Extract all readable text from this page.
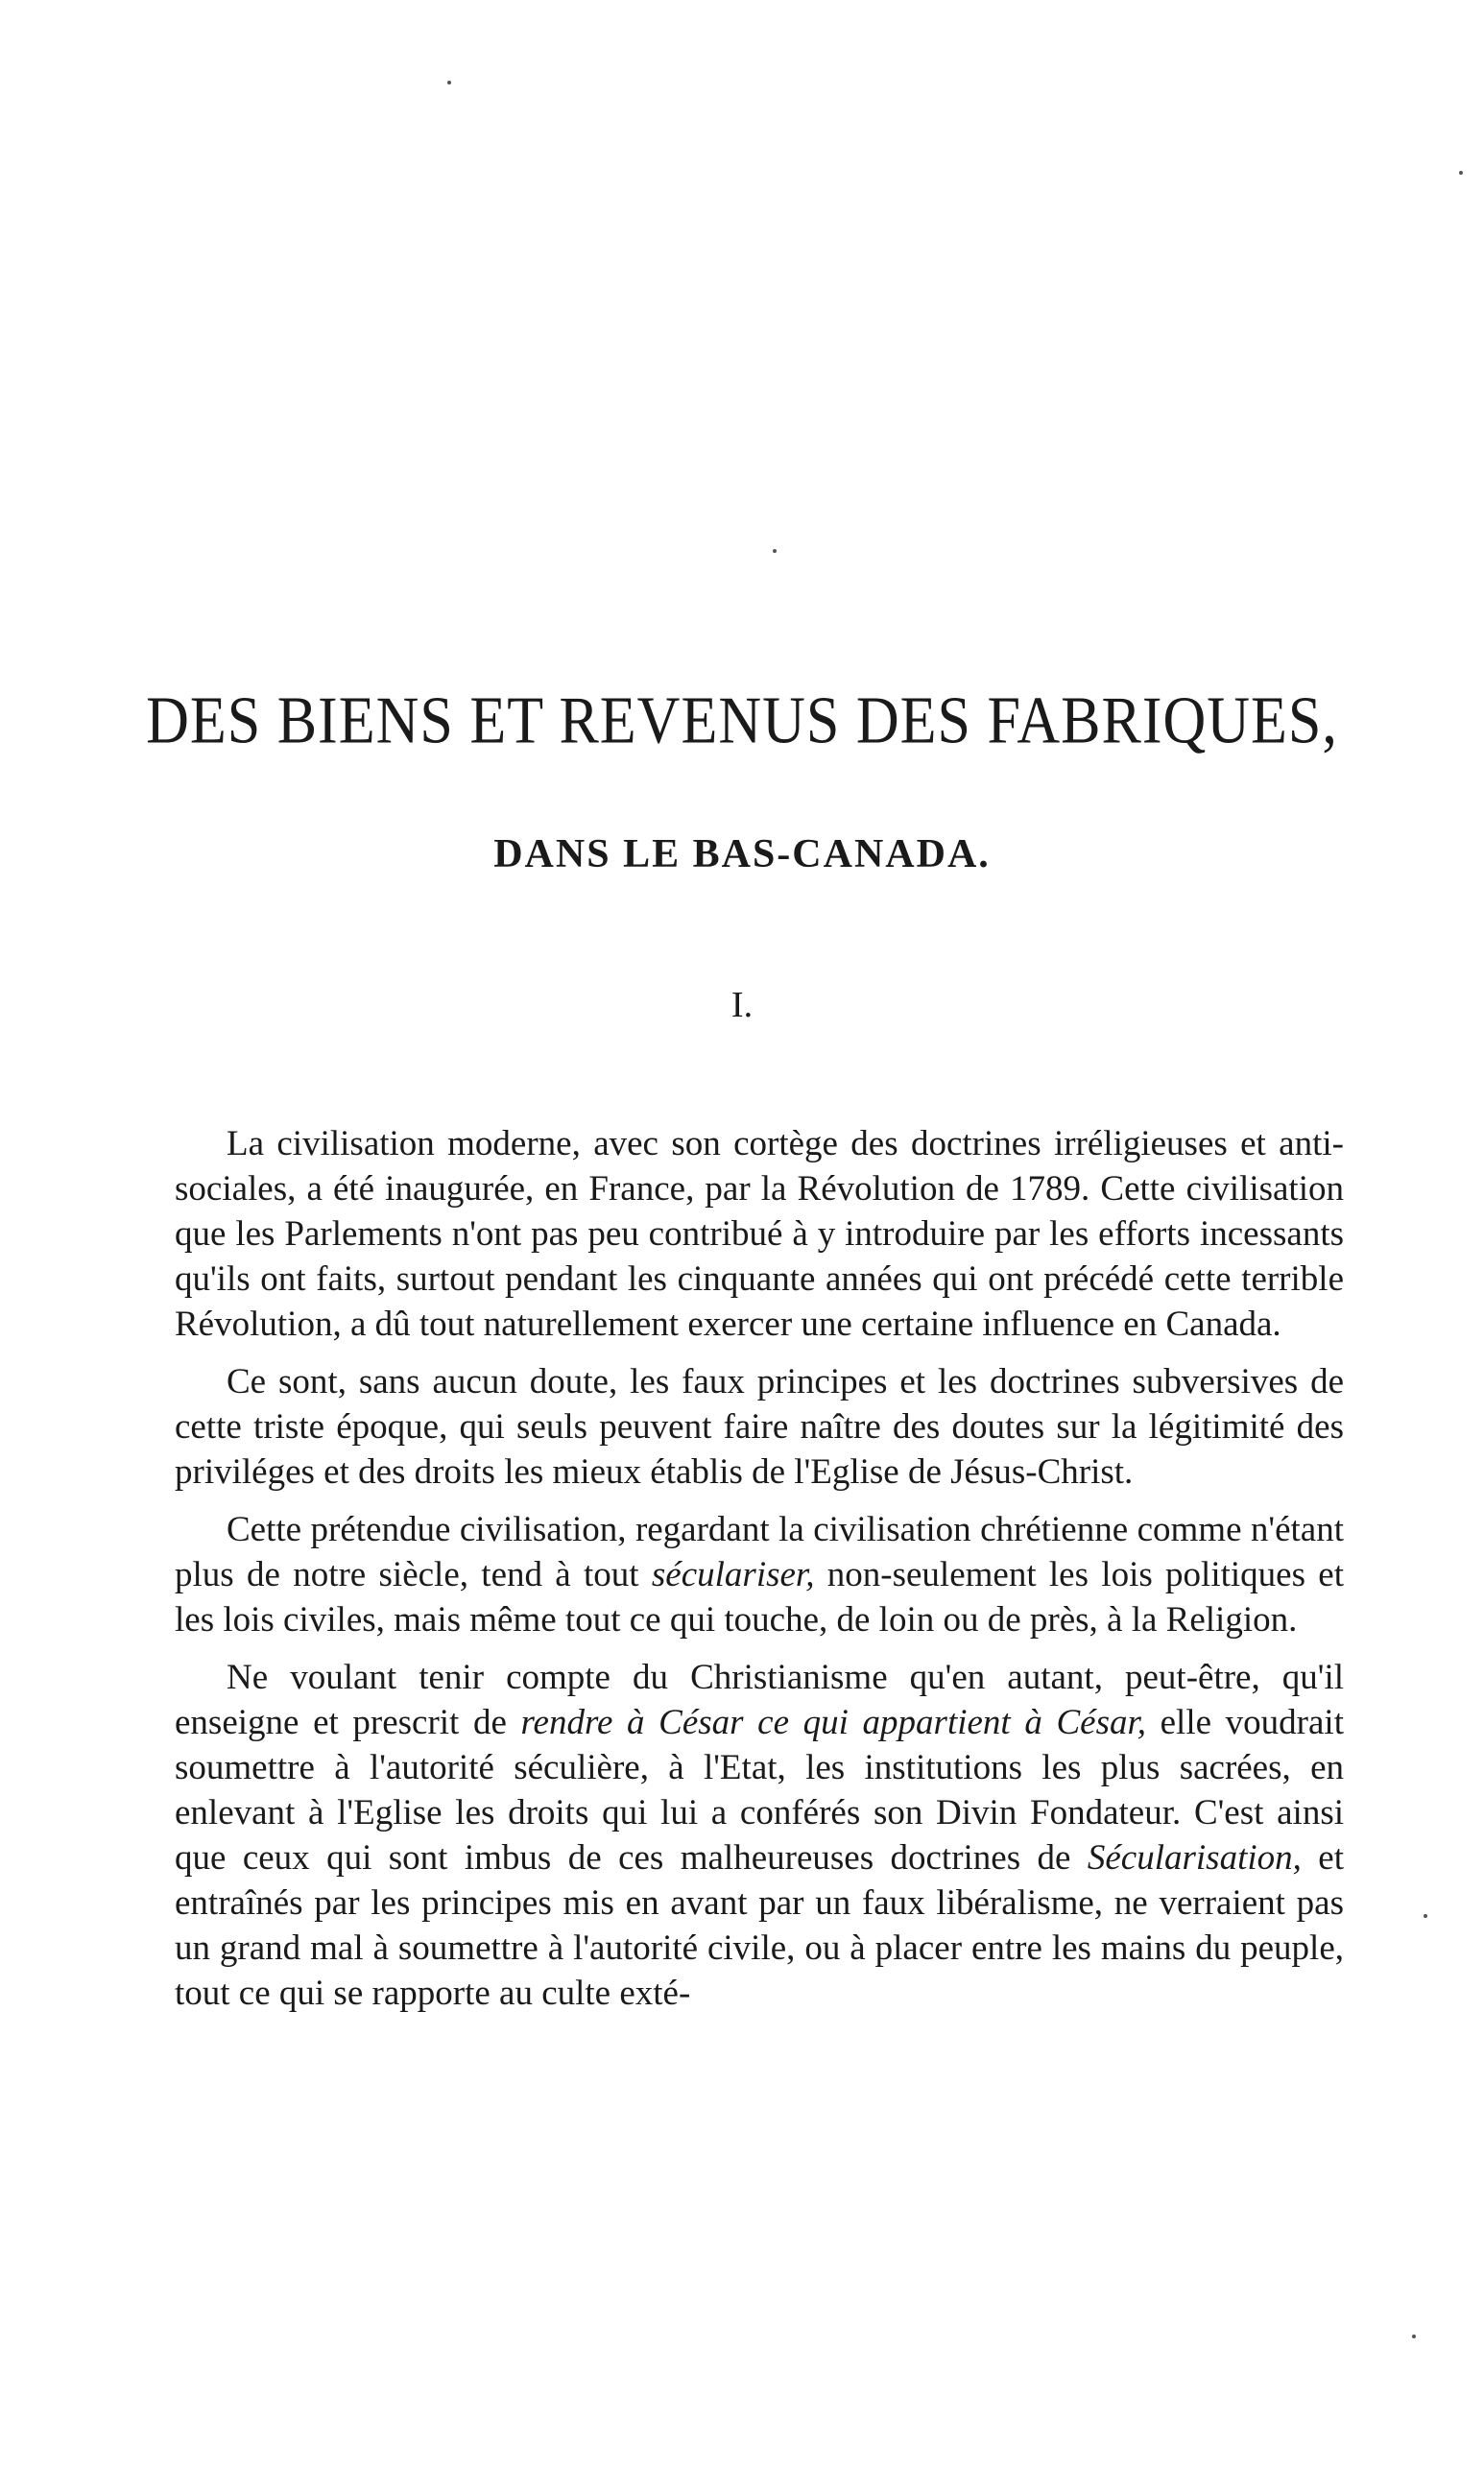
DES BIENS ET REVENUS DES FABRIQUES,
DANS LE BAS-CANADA.
I.

La civilisation moderne, avec son cortège des doctrines irréligieuses et anti-sociales, a été inaugurée, en France, par la Révolution de 1789. Cette civilisation que les Parlements n'ont pas peu contribué à y introduire par les efforts incessants qu'ils ont faits, surtout pendant les cinquante années qui ont précédé cette terrible Révolution, a dû tout naturellement exercer une certaine influence en Canada.

Ce sont, sans aucun doute, les faux principes et les doctrines subversives de cette triste époque, qui seuls peuvent faire naître des doutes sur la légitimité des priviléges et des droits les mieux établis de l'Eglise de Jésus-Christ.

Cette prétendue civilisation, regardant la civilisation chrétienne comme n'étant plus de notre siècle, tend à tout séculariser, non-seulement les lois politiques et les lois civiles, mais même tout ce qui touche, de loin ou de près, à la Religion.

Ne voulant tenir compte du Christianisme qu'en autant, peut-être, qu'il enseigne et prescrit de rendre à César ce qui appartient à César, elle voudrait soumettre à l'autorité séculière, à l'Etat, les institutions les plus sacrées, en enlevant à l'Eglise les droits qui lui a conférés son Divin Fondateur. C'est ainsi que ceux qui sont imbus de ces malheureuses doctrines de Sécularisation, et entraînés par les principes mis en avant par un faux libéralisme, ne verraient pas un grand mal à soumettre à l'autorité civile, ou à placer entre les mains du peuple, tout ce qui se rapporte au culte exté-
